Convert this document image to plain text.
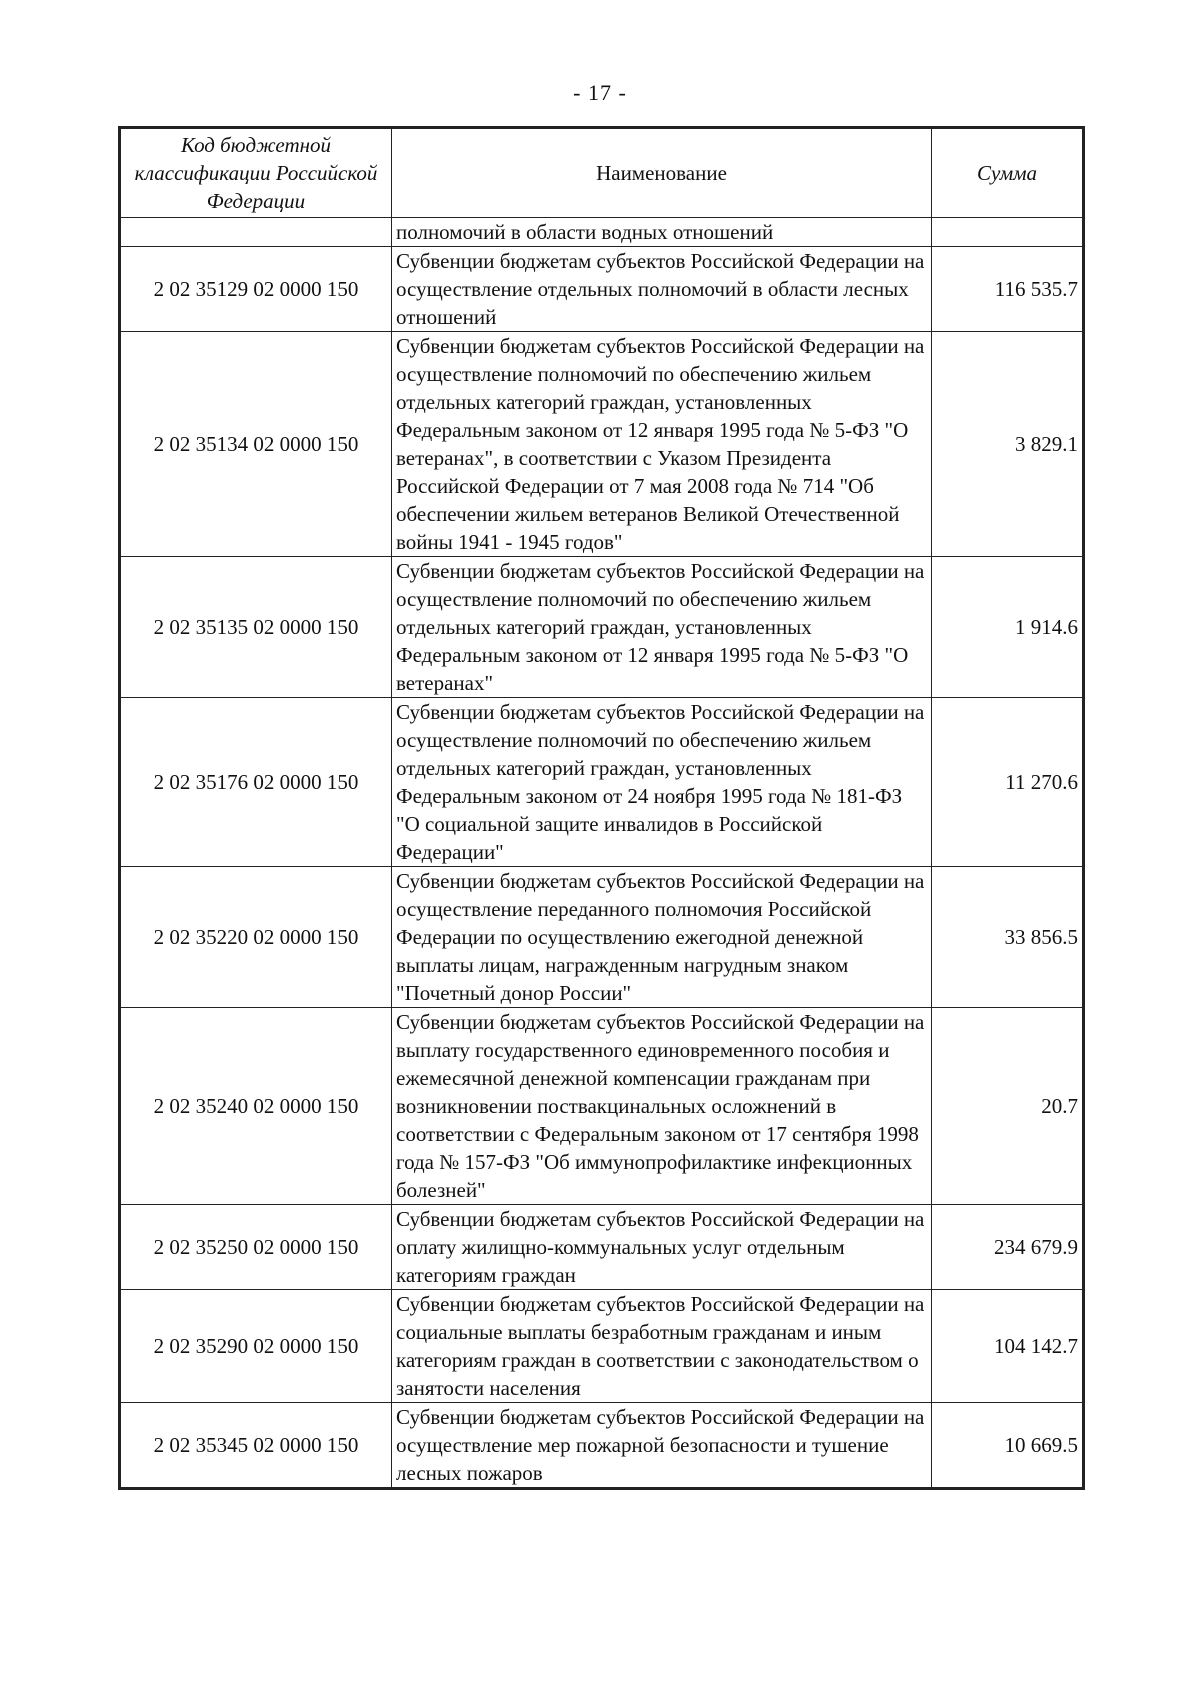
- 17 -
Код бюджетной классификации Российской Федерации	Наименование	Сумма
	полномочий в области водных отношений	
2 02 35129 02 0000 150	Субвенции бюджетам субъектов Российской Федерации на осуществление отдельных полномочий в области лесных отношений	116 535.7
2 02 35134 02 0000 150	Субвенции бюджетам субъектов Российской Федерации на осуществление полномочий по обеспечению жильем отдельных категорий граждан, установленных Федеральным законом от 12 января 1995 года № 5-ФЗ "О ветеранах", в соответствии с Указом Президента Российской Федерации от 7 мая 2008 года № 714 "Об обеспечении жильем ветеранов Великой Отечественной войны 1941 - 1945 годов"	3 829.1
2 02 35135 02 0000 150	Субвенции бюджетам субъектов Российской Федерации на осуществление полномочий по обеспечению жильем отдельных категорий граждан, установленных Федеральным законом от 12 января 1995 года № 5-ФЗ "О ветеранах"	1 914.6
2 02 35176 02 0000 150	Субвенции бюджетам субъектов Российской Федерации на осуществление полномочий по обеспечению жильем отдельных категорий граждан, установленных Федеральным законом от 24 ноября 1995 года № 181-ФЗ "О социальной защите инвалидов в Российской Федерации"	11 270.6
2 02 35220 02 0000 150	Субвенции бюджетам субъектов Российской Федерации на осуществление переданного полномочия Российской Федерации по осуществлению ежегодной денежной выплаты лицам, награжденным нагрудным знаком "Почетный донор России"	33 856.5
2 02 35240 02 0000 150	Субвенции бюджетам субъектов Российской Федерации на выплату государственного единовременного пособия и ежемесячной денежной компенсации гражданам при возникновении поствакцинальных осложнений в соответствии с Федеральным законом от 17 сентября 1998 года № 157-ФЗ "Об иммунопрофилактике инфекционных болезней"	20.7
2 02 35250 02 0000 150	Субвенции бюджетам субъектов Российской Федерации на оплату жилищно-коммунальных услуг отдельным категориям граждан	234 679.9
2 02 35290 02 0000 150	Субвенции бюджетам субъектов Российской Федерации на социальные выплаты безработным гражданам и иным категориям граждан в соответствии с законодательством о занятости населения	104 142.7
2 02 35345 02 0000 150	Субвенции бюджетам субъектов Российской Федерации на осуществление мер пожарной безопасности и тушение лесных пожаров	10 669.5
